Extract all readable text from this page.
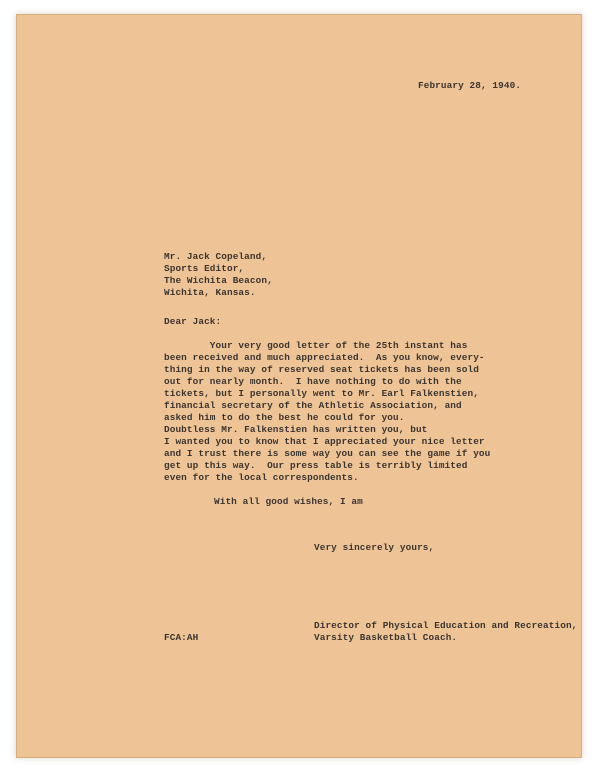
February 28, 1940.
Mr. Jack Copeland,
Sports Editor,
The Wichita Beacon,
Wichita, Kansas.
Dear Jack:
Your very good letter of the 25th instant has
been received and much appreciated.  As you know, every-
thing in the way of reserved seat tickets has been sold
out for nearly month.  I have nothing to do with the
tickets, but I personally went to Mr. Earl Falkenstien,
financial secretary of the Athletic Association, and
asked him to do the best he could for you.
Doubtless Mr. Falkenstien has written you, but
I wanted you to know that I appreciated your nice letter
and I trust there is some way you can see the game if you
get up this way.  Our press table is terribly limited
even for the local correspondents.
With all good wishes, I am
Very sincerely yours,
Director of Physical Education and Recreation,
Varsity Basketball Coach.
FCA:AH
